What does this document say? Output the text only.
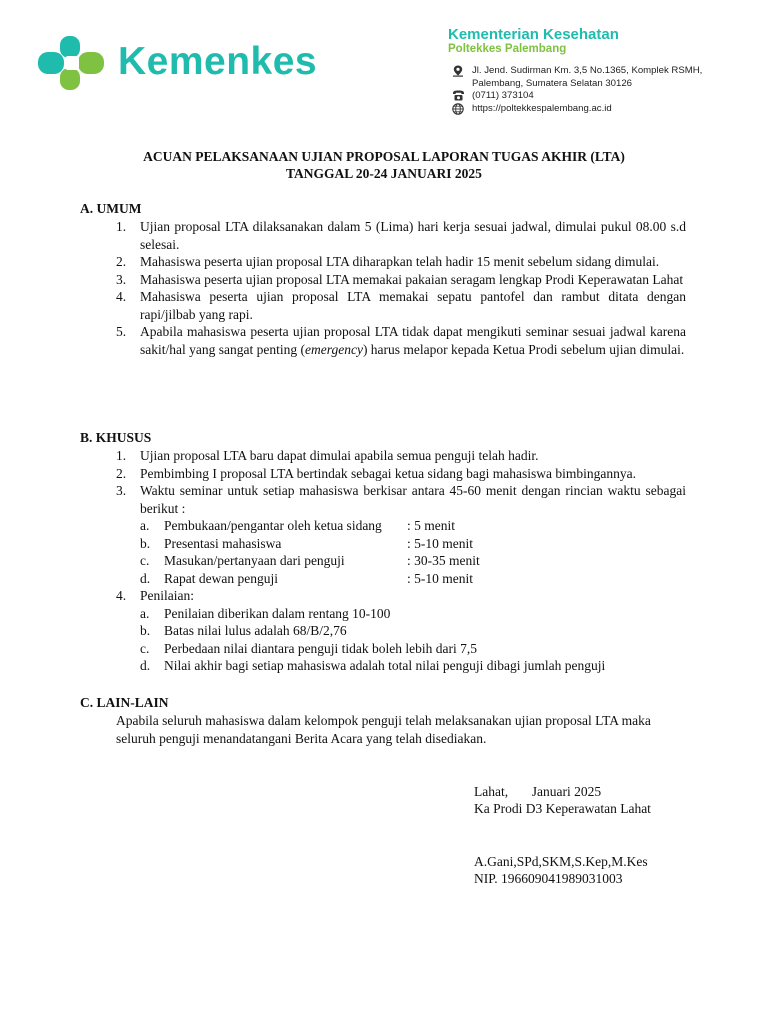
Kemenkes
Kementerian Kesehatan
Poltekkes Palembang
Jl. Jend. Sudirman Km. 3,5 No.1365, Komplek RSMH,
Palembang, Sumatera Selatan 30126
(0711) 373104
https://poltekkespalembang.ac.id
ACUAN PELAKSANAAN UJIAN PROPOSAL LAPORAN TUGAS AKHIR (LTA)
TANGGAL 20-24 JANUARI 2025
A. UMUM
1.	Ujian proposal LTA dilaksanakan dalam 5 (Lima) hari kerja sesuai jadwal, dimulai pukul 08.00 s.d selesai.
2.	Mahasiswa peserta ujian proposal LTA diharapkan telah hadir 15 menit sebelum sidang dimulai.
3.	Mahasiswa peserta ujian proposal LTA memakai pakaian seragam lengkap Prodi Keperawatan Lahat
4.	Mahasiswa peserta ujian proposal LTA memakai sepatu pantofel dan rambut ditata dengan rapi/jilbab yang rapi.
5.	Apabila mahasiswa peserta ujian proposal LTA tidak dapat mengikuti seminar sesuai jadwal karena sakit/hal yang sangat penting (emergency) harus melapor kepada Ketua Prodi sebelum ujian dimulai.
B. KHUSUS
1.	Ujian proposal LTA baru dapat dimulai apabila semua penguji telah hadir.
2.	Pembimbing I proposal LTA bertindak sebagai ketua sidang bagi mahasiswa bimbingannya.
3.	Waktu seminar untuk setiap mahasiswa berkisar antara 45-60 menit dengan rincian waktu sebagai berikut :
a.	Pembukaan/pengantar oleh ketua sidang	: 5 menit
b.	Presentasi mahasiswa	: 5-10 menit
c.	Masukan/pertanyaan dari penguji	: 30-35 menit
d.	Rapat dewan penguji	: 5-10 menit
4.	Penilaian:
a.	Penilaian diberikan dalam rentang 10-100
b.	Batas nilai lulus adalah 68/B/2,76
c.	Perbedaan nilai diantara penguji tidak boleh lebih dari 7,5
d.	Nilai akhir bagi setiap mahasiswa adalah total nilai penguji dibagi jumlah penguji
C. LAIN-LAIN
Apabila seluruh mahasiswa dalam kelompok penguji telah melaksanakan ujian proposal LTA maka seluruh penguji menandatangani Berita Acara yang telah disediakan.
Lahat,       Januari 2025
Ka Prodi D3 Keperawatan Lahat
A.Gani,SPd,SKM,S.Kep,M.Kes
NIP. 196609041989031003
